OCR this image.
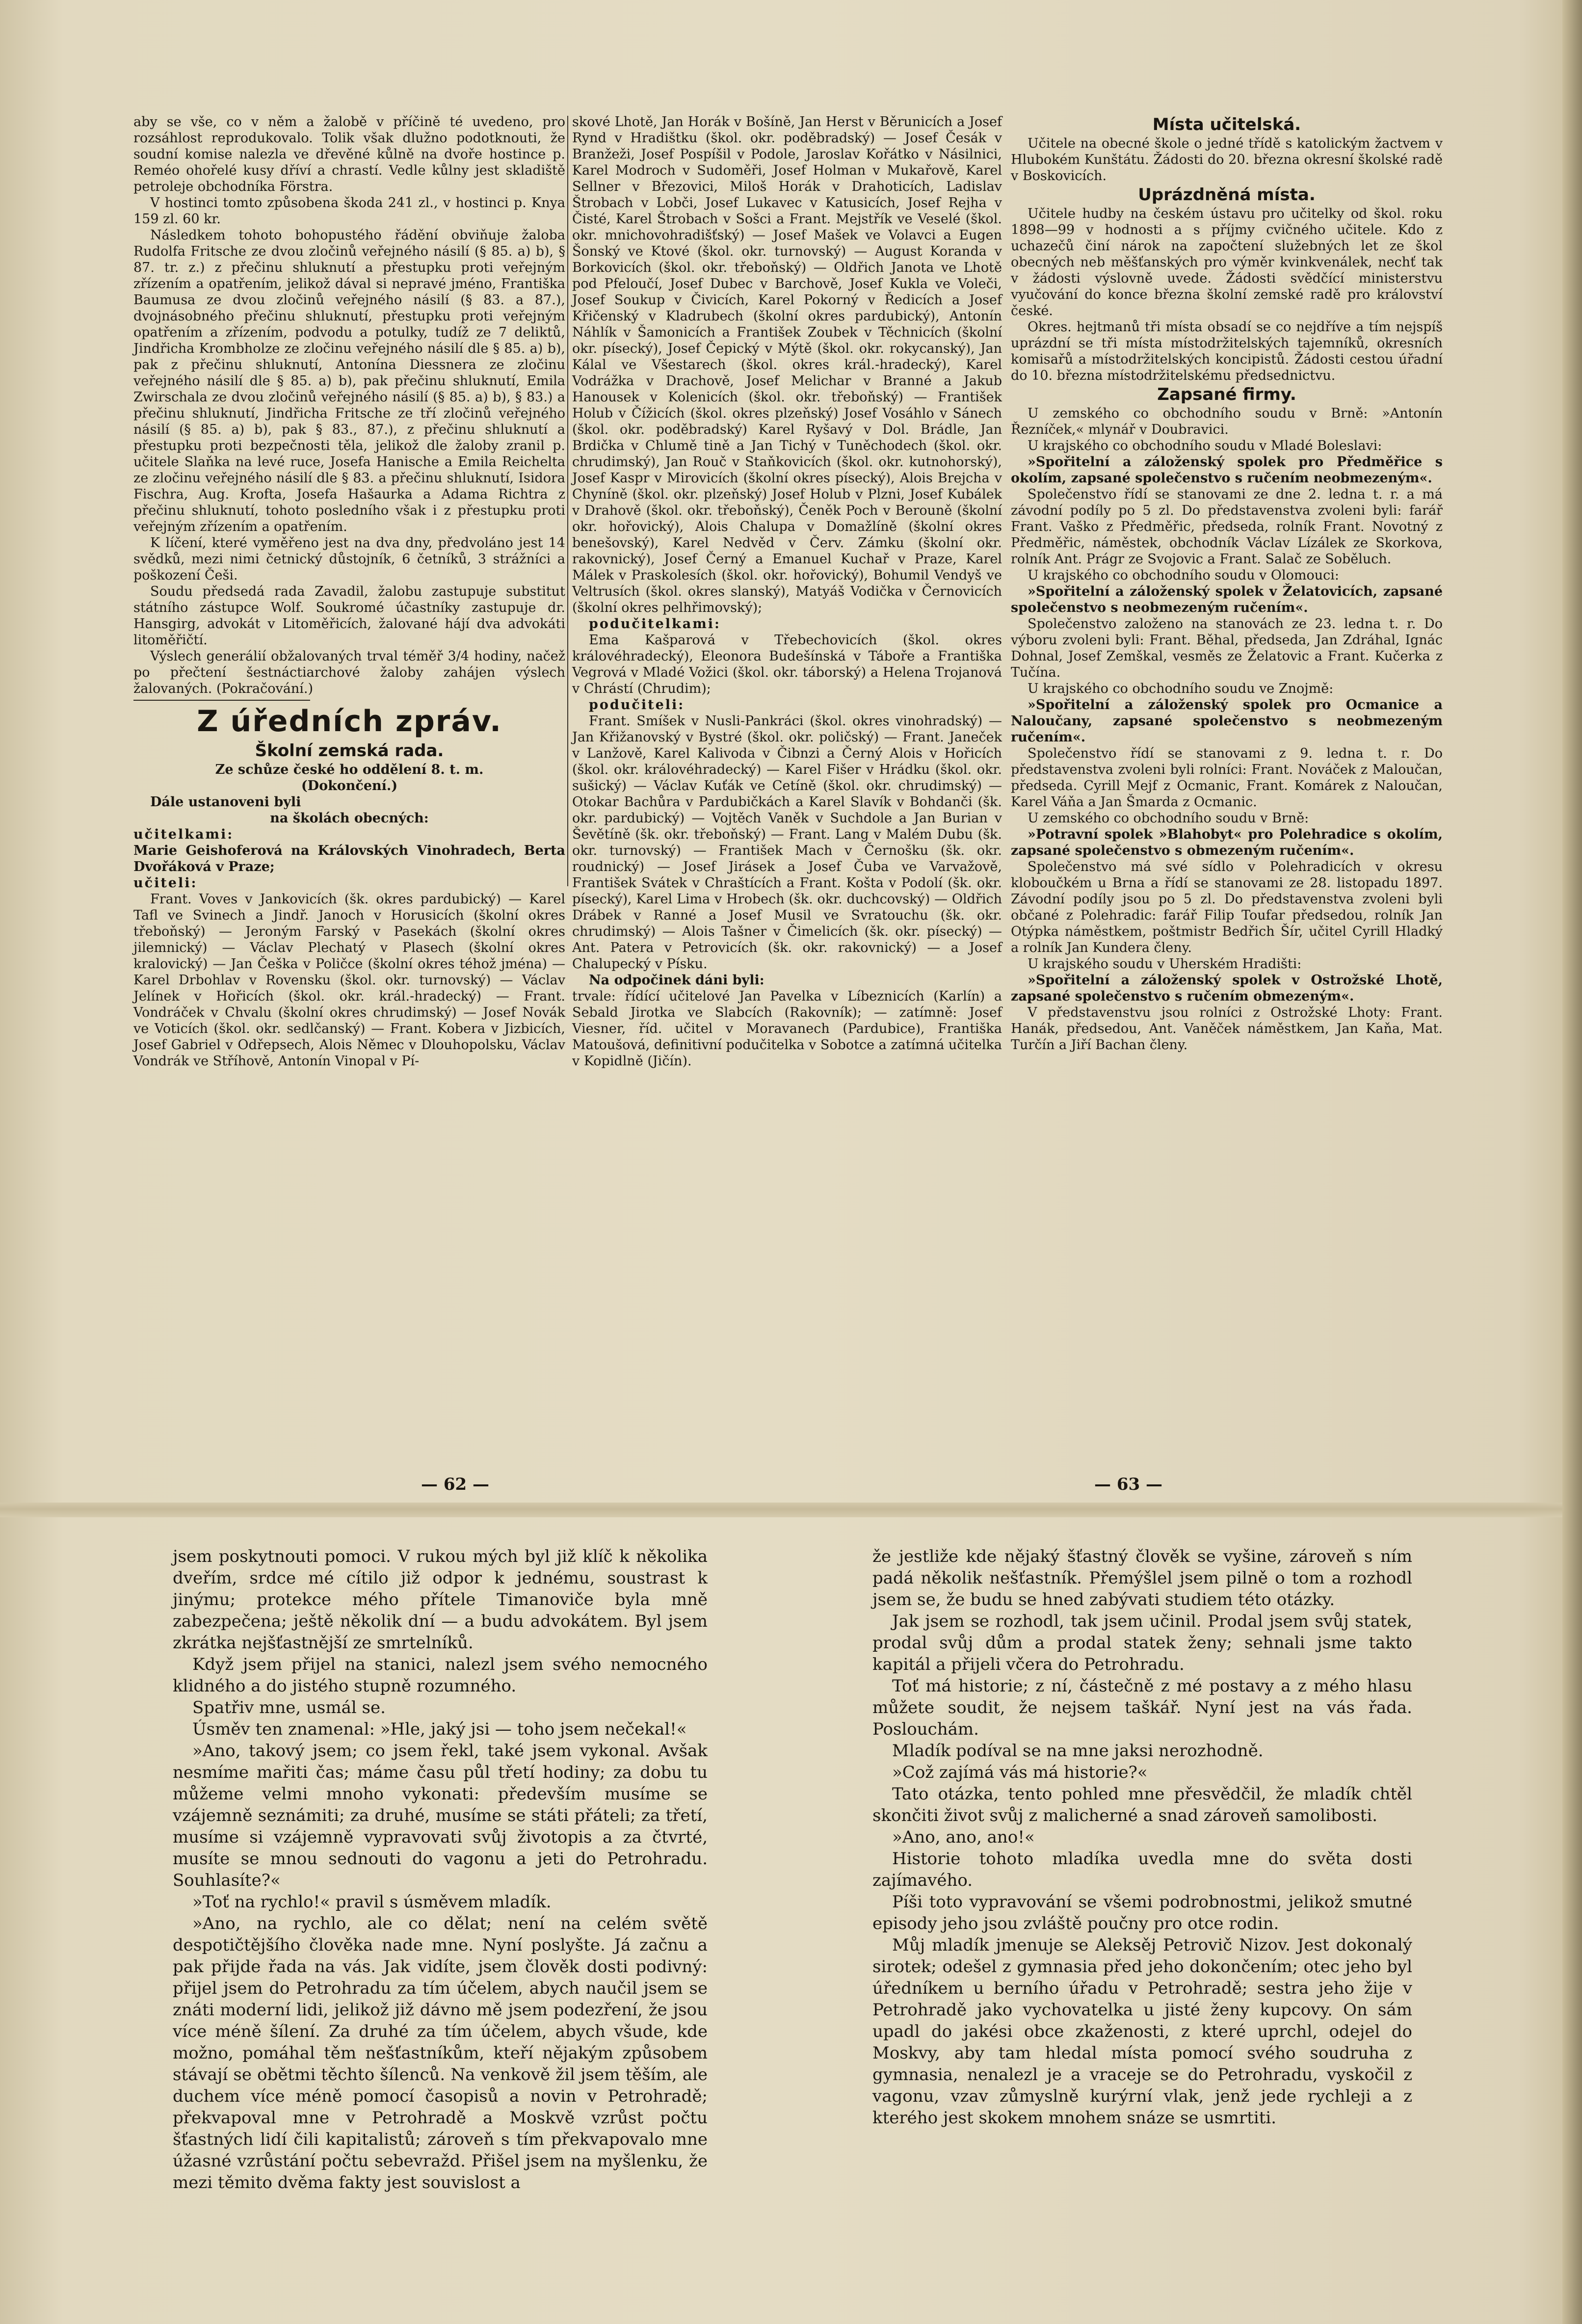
aby se vše, co v něm a žalobě v příčině té uvedeno, pro rozsáhlost reprodukovalo. Tolik však dlužno podotknouti, že soudní komise nalezla ve dřevěné kůlně na dvoře hostince p. Reméo ohořelé kusy dříví a chrastí. Vedle kůlny jest skladiště petroleje obchodníka Förstra.

V hostinci tomto způsobena škoda 241 zl., v hostinci p. Knya 159 zl. 60 kr.

Následkem tohoto bohopustého řádění obviňuje žaloba Rudolfa Fritsche ze dvou zločinů veřejného násilí (§ 85. a) b), § 87. tr. z.) z přečinu shluknutí a přestupku proti veřejným zřízením a opatřením, jelikož dával si nepravé jméno, Františka Baumusa ze dvou zločinů veřejného násilí (§ 83. a 87.), dvojnásobného přečinu shluknutí, přestupku proti veřejným opatřením a zřízením, podvodu a potulky, tudíž ze 7 deliktů, Jindřicha Krombholze ze zločinu veřejného násilí dle § 85. a) b), pak z přečinu shluknutí, Antonína Diessnera ze zločinu veřejného násilí dle § 85. a) b), pak přečinu shluknutí, Emila Zwirschala ze dvou zločinů veřejného násilí (§ 85. a) b), § 83.) a přečinu shluknutí, Jindřicha Fritsche ze tří zločinů veřejného násilí (§ 85. a) b), pak § 83., 87.), z přečinu shluknutí a přestupku proti bezpečnosti těla, jelikož dle žaloby zranil p. učitele Slaňka na levé ruce, Josefa Hanische a Emila Reichelta ze zločinu veřejného násilí dle § 83. a přečinu shluknutí, Isidora Fischra, Aug. Krofta, Josefa Hašaurka a Adama Richtra z přečinu shluknutí, tohoto posledního však i z přestupku proti veřejným zřízením a opatřením.

K líčení, které vyměřeno jest na dva dny, předvoláno jest 14 svědků, mezi nimi četnický důstojník, 6 četníků, 3 strážníci a poškození Češi.

Soudu předsedá rada Zavadil, žalobu zastupuje substitut státního zástupce Wolf. Soukromé účastníky zastupuje dr. Hansgirg, advokát v Litoměřicích, žalované hájí dva advokáti litoměřičtí.

Výslech generálií obžalovaných trval téměř 3/4 hodiny, načež po přečtení šestnáctiarchové žaloby zahájen výslech žalovaných. (Pokračování.)

Z úředních zpráv.
Školní zemská rada.

Ze schůze české ho oddělení 8. t. m.

(Dokončení.)

Dále ustanoveni byli

na školách obecných:

učitelkami:

Marie Geishoferová na Královských Vinohradech, Berta Dvořáková v Praze;

učiteli:

Frant. Voves v Jankovicích (šk. okres pardubický) — Karel Tafl ve Svinech a Jindř. Janoch v Horusicích (školní okres třeboňský) — Jeroným Farský v Pasekách (školní okres jilemnický) — Václav Plechatý v Plasech (školní okres kralovický) — Jan Češka v Poličce (školní okres téhož jména) — Karel Drbohlav v Rovensku (škol. okr. turnovský) — Václav Jelínek v Hořicích (škol. okr. král.-hradecký) — Frant. Vondráček v Chvalu (školní okres chrudimský) — Josef Novák ve Voticích (škol. okr. sedlčanský) — Frant. Kobera v Jizbicích, Josef Gabriel v Odřepsech, Alois Němec v Dlouhopolsku, Václav Vondrák ve Stříhově, Antonín Vinopal v Pí-

skové Lhotě, Jan Horák v Bošíně, Jan Herst v Běrunicích a Josef Rynd v Hradištku (škol. okr. poděbradský) — Josef Česák v Branžeži, Josef Pospíšil v Podole, Jaroslav Kořátko v Násilnici, Karel Modroch v Sudoměři, Josef Holman v Mukařově, Karel Sellner v Březovici, Miloš Horák v Drahoticích, Ladislav Štrobach v Lobči, Josef Lukavec v Katusicích, Josef Rejha v Čisté, Karel Štrobach v Sošci a Frant. Mejstřík ve Veselé (škol. okr. mnichovohradišťský) — Josef Mašek ve Volavci a Eugen Šonský ve Ktové (škol. okr. turnovský) — August Koranda v Borkovicích (škol. okr. třeboňský) — Oldřich Janota ve Lhotě pod Pfeloučí, Josef Dubec v Barchově, Josef Kukla ve Voleči, Josef Soukup v Čivicích, Karel Pokorný v Ředicích a Josef Křičenský v Kladrubech (školní okres pardubický), Antonín Náhlík v Šamonicích a František Zoubek v Těchnicích (školní okr. písecký), Josef Čepický v Mýtě (škol. okr. rokycanský), Jan Kálal ve Všestarech (škol. okres král.-hradecký), Karel Vodrážka v Drachově, Josef Melichar v Branné a Jakub Hanousek v Kolenicích (škol. okr. třeboňský) — František Holub v Čížicích (škol. okres plzeňský) Josef Vosáhlo v Sánech (škol. okr. poděbradský) Karel Ryšavý v Dol. Brádle, Jan Brdička v Chlumě tině a Jan Tichý v Tuněchodech (škol. okr. chrudimský), Jan Rouč v Staňkovicích (škol. okr. kutnohorský), Josef Kaspr v Mirovicích (školní okres písecký), Alois Brejcha v Chyníně (škol. okr. plzeňský) Josef Holub v Plzni, Josef Kubálek v Drahově (škol. okr. třeboňský), Čeněk Poch v Berouně (školní okr. hořovický), Alois Chalupa v Domažlíně (školní okres benešovský), Karel Nedvěd v Červ. Zámku (školní okr. rakovnický), Josef Černý a Emanuel Kuchař v Praze, Karel Málek v Praskolesích (škol. okr. hořovický), Bohumil Vendyš ve Veltrusích (škol. okres slanský), Matyáš Vodička v Černovicích (školní okres pelhřimovský);

podučitelkami:

Ema Kašparová v Třebechovicích (škol. okres královéhradecký), Eleonora Budešínská v Táboře a Františka Vegrová v Mladé Vožici (škol. okr. táborský) a Helena Trojanová v Chrástí (Chrudim);

podučiteli:

Frant. Smíšek v Nusli-Pankráci (škol. okres vinohradský) — Jan Křižanovský v Bystré (škol. okr. poličský) — Frant. Janeček v Lanžově, Karel Kalivoda v Čibnzi a Černý Alois v Hořicích (škol. okr. královéhradecký) — Karel Fišer v Hrádku (škol. okr. sušický) — Václav Kuťák ve Cetíně (škol. okr. chrudimský) — Otokar Bachůra v Pardubičkách a Karel Slavík v Bohdanči (šk. okr. pardubický) — Vojtěch Vaněk v Suchdole a Jan Burian v Ševětíně (šk. okr. třeboňský) — Frant. Lang v Malém Dubu (šk. okr. turnovský) — František Mach v Černošku (šk. okr. roudnický) — Josef Jirásek a Josef Čuba ve Varvažově, František Svátek v Chraštících a Frant. Košta v Podolí (šk. okr. písecký), Karel Lima v Hrobech (šk. okr. duchcovský) — Oldřich Drábek v Ranné a Josef Musil ve Svratouchu (šk. okr. chrudimský) — Alois Tašner v Čimelicích (šk. okr. písecký) — Ant. Patera v Petrovicích (šk. okr. rakovnický) — a Josef Chalupecký v Písku.

Na odpočinek dáni byli:

trvale: řídící učitelové Jan Pavelka v Líbeznicích (Karlín) a Sebald Jirotka ve Slabcích (Rakovník); — zatímně: Josef Viesner, říd. učitel v Moravanech (Pardubice), Františka Matoušová, definitivní podučitelka v Sobotce a zatímná učitelka v Kopidlně (Jičín).

Místa učitelská.

Učitele na obecné škole o jedné třídě s katolickým žactvem v Hlubokém Kunštátu. Žádosti do 20. března okresní školské radě v Boskovicích.

Uprázdněná místa.

Učitele hudby na českém ústavu pro učitelky od škol. roku 1898—99 v hodnosti a s příjmy cvičného učitele. Kdo z uchazečů činí nárok na započtení služebných let ze škol obecných neb měšťanských pro výměr kvinkvenálek, nechť tak v žádosti výslovně uvede. Žádosti svědčící ministerstvu vyučování do konce března školní zemské radě pro království české.

Okres. hejtmanů tři místa obsadí se co nejdříve a tím nejspíš uprázdní se tři místa místodržitelských tajemníků, okresních komisařů a místodržitelských koncipistů. Žádosti cestou úřadní do 10. března místodržitelskému předsednictvu.

Zapsané firmy.

U zemského co obchodního soudu v Brně: »Antonín Řezníček,« mlynář v Doubravici.

U krajského co obchodního soudu v Mladé Boleslavi:

»Spořitelní a záloženský spolek pro Předměřice s okolím, zapsané společenstvo s ručením neobmezeným«.

Společenstvo řídí se stanovami ze dne 2. ledna t. r. a má závodní podíly po 5 zl. Do představenstva zvoleni byli: farář Frant. Vaško z Předměřic, předseda, rolník Frant. Novotný z Předměřic, náměstek, obchodník Václav Lízálek ze Skorkova, rolník Ant. Prágr ze Svojovic a Frant. Salač ze Soběluch.

U krajského co obchodního soudu v Olomouci:

»Spořitelní a záloženský spolek v Želatovicích, zapsané společenstvo s neobmezeným ručením«.

Společenstvo založeno na stanovách ze 23. ledna t. r. Do výboru zvoleni byli: Frant. Běhal, předseda, Jan Zdráhal, Ignác Dohnal, Josef Zemškal, vesměs ze Želatovic a Frant. Kučerka z Tučína.

U krajského co obchodního soudu ve Znojmě:

»Spořitelní a záloženský spolek pro Ocmanice a Naloučany, zapsané společenstvo s neobmezeným ručením«.

Společenstvo řídí se stanovami z 9. ledna t. r. Do představenstva zvoleni byli rolníci: Frant. Nováček z Maloučan, předseda. Cyrill Mejf z Ocmanic, Frant. Komárek z Naloučan, Karel Váňa a Jan Šmarda z Ocmanic.

U zemského co obchodního soudu v Brně:

»Potravní spolek »Blahobyt« pro Polehradice s okolím, zapsané společenstvo s obmezeným ručením«.

Společenstvo má své sídlo v Polehradicích v okresu kloboučkém u Brna a řídí se stanovami ze 28. listopadu 1897. Závodní podíly jsou po 5 zl. Do představenstva zvoleni byli občané z Polehradic: farář Filip Toufar předsedou, rolník Jan Otýpka náměstkem, poštmistr Bedřich Šír, učitel Cyrill Hladký a rolník Jan Kundera členy.

U krajského soudu v Uherském Hradišti:

»Spořitelní a záloženský spolek v Ostrožské Lhotě, zapsané společenstvo s ručením obmezeným«.

V představenstvu jsou rolníci z Ostrožské Lhoty: Frant. Hanák, předsedou, Ant. Vaněček náměstkem, Jan Kaňa, Mat. Turčín a Jiří Bachan členy.

— 62 —	— 63 —

jsem poskytnouti pomoci. V rukou mých byl již klíč k několika dveřím, srdce mé cítilo již odpor k jednému, soustrast k jinýmu; protekce mého přítele Timanoviče byla mně zabezpečena; ještě několik dní — a budu advokátem. Byl jsem zkrátka nejšťastnější ze smrtelníků.

Když jsem přijel na stanici, nalezl jsem svého nemocného klidného a do jistého stupně rozumného.

Spatřiv mne, usmál se.

Úsměv ten znamenal: »Hle, jaký jsi — toho jsem nečekal!«

»Ano, takový jsem; co jsem řekl, také jsem vykonal. Avšak nesmíme mařiti čas; máme času půl třetí hodiny; za dobu tu můžeme velmi mnoho vykonati: především musíme se vzájemně seznámiti; za druhé, musíme se státi přáteli; za třetí, musíme si vzájemně vypravovati svůj životopis a za čtvrté, musíte se mnou sednouti do vagonu a jeti do Petrohradu. Souhlasíte?«

»Toť na rychlo!« pravil s úsměvem mladík.

»Ano, na rychlo, ale co dělat; není na celém světě despotičtějšího člověka nade mne. Nyní poslyšte. Já začnu a pak přijde řada na vás. Jak vidíte, jsem člověk dosti podivný: přijel jsem do Petrohradu za tím účelem, abych naučil jsem se znáti moderní lidi, jelikož již dávno mě jsem podezření, že jsou více méně šílení. Za druhé za tím účelem, abych všude, kde možno, pomáhal těm nešťastníkům, kteří nějakým způsobem stávají se obětmi těchto šílenců. Na venkově žil jsem těším, ale duchem více méně pomocí časopisů a novin v Petrohradě; překvapoval mne v Petrohradě a Moskvě vzrůst počtu šťastných lidí čili kapitalistů; zároveň s tím překvapovalo mne úžasné vzrůstání počtu sebevražd. Přišel jsem na myšlenku, že mezi těmito dvěma fakty jest souvislost a

že jestliže kde nějaký šťastný člověk se vyšine, zároveň s ním padá několik nešťastník. Přemýšlel jsem pilně o tom a rozhodl jsem se, že budu se hned zabývati studiem této otázky.

Jak jsem se rozhodl, tak jsem učinil. Prodal jsem svůj statek, prodal svůj dům a prodal statek ženy; sehnali jsme takto kapitál a přijeli včera do Petrohradu.

Toť má historie; z ní, částečně z mé postavy a z mého hlasu můžete soudit, že nejsem taškář. Nyní jest na vás řada. Poslouchám.

Mladík podíval se na mne jaksi nerozhodně.

»Což zajímá vás má historie?«

Tato otázka, tento pohled mne přesvědčil, že mladík chtěl skončiti život svůj z malicherné a snad zároveň samolibosti.

»Ano, ano, ano!«

Historie tohoto mladíka uvedla mne do světa dosti zajímavého.

Píši toto vypravování se všemi podrobnostmi, jelikož smutné episody jeho jsou zvláště poučny pro otce rodin.

Můj mladík jmenuje se Aleksěj Petrovič Nizov. Jest dokonalý sirotek; odešel z gymnasia před jeho dokončením; otec jeho byl úředníkem u berního úřadu v Petrohradě; sestra jeho žije v Petrohradě jako vychovatelka u jisté ženy kupcovy. On sám upadl do jakési obce zkaženosti, z které uprchl, odejel do Moskvy, aby tam hledal místa pomocí svého soudruha z gymnasia, nenalezl je a vraceje se do Petrohradu, vyskočil z vagonu, vzav zůmyslně kurýrní vlak, jenž jede rychleji a z kterého jest skokem mnohem snáze se usmrtiti.
